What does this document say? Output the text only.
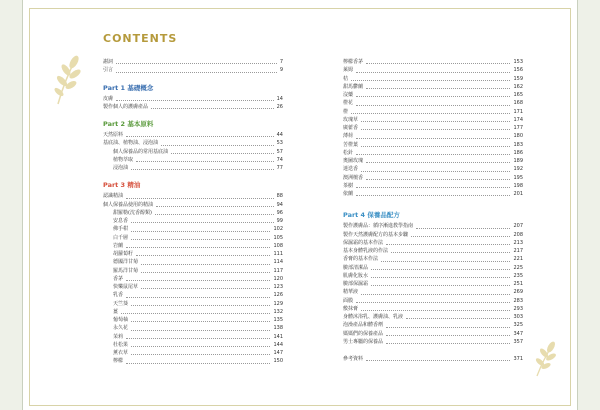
CONTENTS
謝詞	7
引言	9
Part 1 基礎概念
皮膚	14
製作個人的護膚產品	26
Part 2 基本原料
天然原料	44
基底油、植物油、浸泡油	53
個人保養品的常用基底油	57
植物萃取	74
浸泡油	77
Part 3 精油
認識精油	88
個人保養品使用的精油	94
甜羅勒(沈香醇類)	96
安息香	99
佛手柑	102
白千層	105
岩蘭	108
胡蘿蔔籽	111
德國洋甘菊	114
羅馬洋甘菊	117
香茅	120
快樂鼠尾草	123
乳香	126
天竺葵	129
薑	132
葡萄柚	135
永久花	138
茉莉	141
杜松果	144
薰衣草	147
檸檬	150
檸檬香茅	153
萊姆	156
桔	159
甜馬鬱蘭	162
沒藥	165
橙花	168
橙	171
玫瑰草	174
廣藿香	177
薄荷	180
苦橙葉	183
松針	186
奧圖玫瑰	189
迷迭香	192
澳洲檀香	195
茶樹	198
依蘭	201
Part 4 保養品配方
製作護膚品：循序漸進教學指南	207
製作天然護膚配方的基本步驟	208
保濕霜的基本作法	213
基本身體乳液的作法	217
香膏的基本作法	221
臉部清潔品	225
肌膚化妝水	235
臉部保濕霜	251
精華液	269
面膜	283
敷抹膏	293
身體沐浴乳、護膚油、乳液	303
泡澡產品和體香劑	325
媽媽們的保養產品	347
男士專屬的保養品	357
參考資料	371
